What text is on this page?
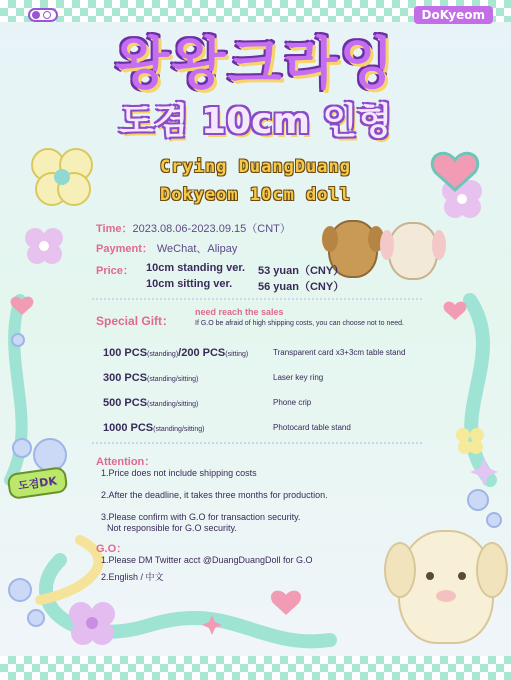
DoKyeom
도겸DK
왕왕크라잉
도겸 10cm 인형
Crying DuangDuang
Dokyeom 10cm doll
Time：2023.08.06-2023.09.15（CNT）
Payment： WeChat、Alipay
Price： 10cm standing ver. 53 yuan（CNY）
10cm sitting ver. 56 yuan（CNY）
Special Gift：
need reach the sales
If G.O be afraid of high shipping costs, you can choose not to need.
100 PCS(standing)/200 PCS(sitting)	Transparent card x3+3cm table stand
300 PCS(standing/sitting)	Laser key ring
500 PCS(standing/sitting)	Phone crip
1000 PCS(standing/sitting)	Photocard table stand
Attention：
1.Price does not include shipping costs
2.After the deadline, it takes three months for production.
3.Please confirm with G.O for transaction security.
Not responsible for G.O security.
G.O：
1.Please DM Twitter acct @DuangDuangDoll for G.O
2.English / 中文
